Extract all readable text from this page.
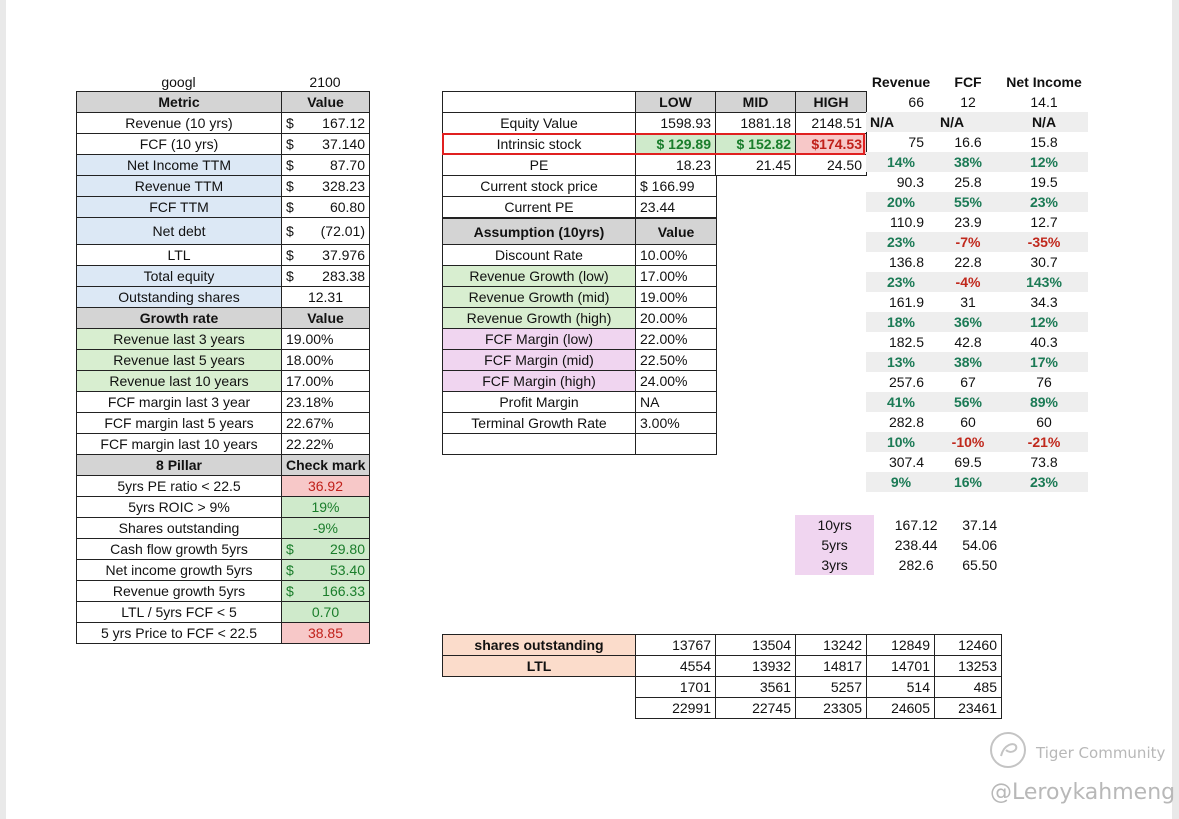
googl	2100
Metric	Value
Revenue (10 yrs)	$ 167.12

FCF (10 yrs)	$ 37.140

Net Income TTM	$ 87.70

Revenue TTM	$ 328.23

FCF TTM	$ 60.80

Net debt	$ (72.01)

LTL	$ 37.976

Total equity	$ 283.38

Outstanding shares	12.31
Growth rate	Value
Revenue last 3 years	19.00%
Revenue last 5 years	18.00%
Revenue last 10 years	17.00%
FCF margin last 3 year	23.18%
FCF margin last 5 years	22.67%
FCF margin last 10 years	22.22%
8 Pillar	Check mark
5yrs PE ratio < 22.5	36.92
5yrs ROIC > 9%	19%
Shares outstanding	-9%
Cash flow growth 5yrs	$ 29.80

Net income growth 5yrs	$ 53.40

Revenue growth 5yrs	$ 166.33

LTL / 5yrs FCF < 5	0.70
5 yrs Price to FCF < 22.5	38.85
	LOW	MID	HIGH
Equity Value	1598.93	1881.18	2148.51
Intrinsic stock	$ 129.89	$ 152.82	$174.53
PE	18.23	21.45	24.50
Current stock price	$ 166.99
Current PE	23.44
Assumption (10yrs)	Value
Discount Rate	10.00%
Revenue Growth (low)	17.00%
Revenue Growth (mid)	19.00%
Revenue Growth (high)	20.00%
FCF Margin (low)	22.00%
FCF Margin (mid)	22.50%
FCF Margin (high)	24.00%
Profit Margin	NA
Terminal Growth Rate	3.00%

Revenue	FCF	Net Income
66	12	14.1
N/A	N/A	N/A
75	16.6	15.8
14%	38%	12%
90.3	25.8	19.5
20%	55%	23%
110.9	23.9	12.7
23%	-7%	-35%
136.8	22.8	30.7
23%	-4%	143%
161.9	31	34.3
18%	36%	12%
182.5	42.8	40.3
13%	38%	17%
257.6	67	76
41%	56%	89%
282.8	60	60
10%	-10%	-21%
307.4	69.5	73.8
9%	16%	23%
10yrs	167.12	37.14
5yrs	238.44	54.06
3yrs	282.6	65.50
shares outstanding	13767	13504	13242	12849	12460
LTL	4554	13932	14817	14701	13253
	1701	3561	5257	514	485
	22991	22745	23305	24605	23461
Tiger Community
@Leroykahmeng
